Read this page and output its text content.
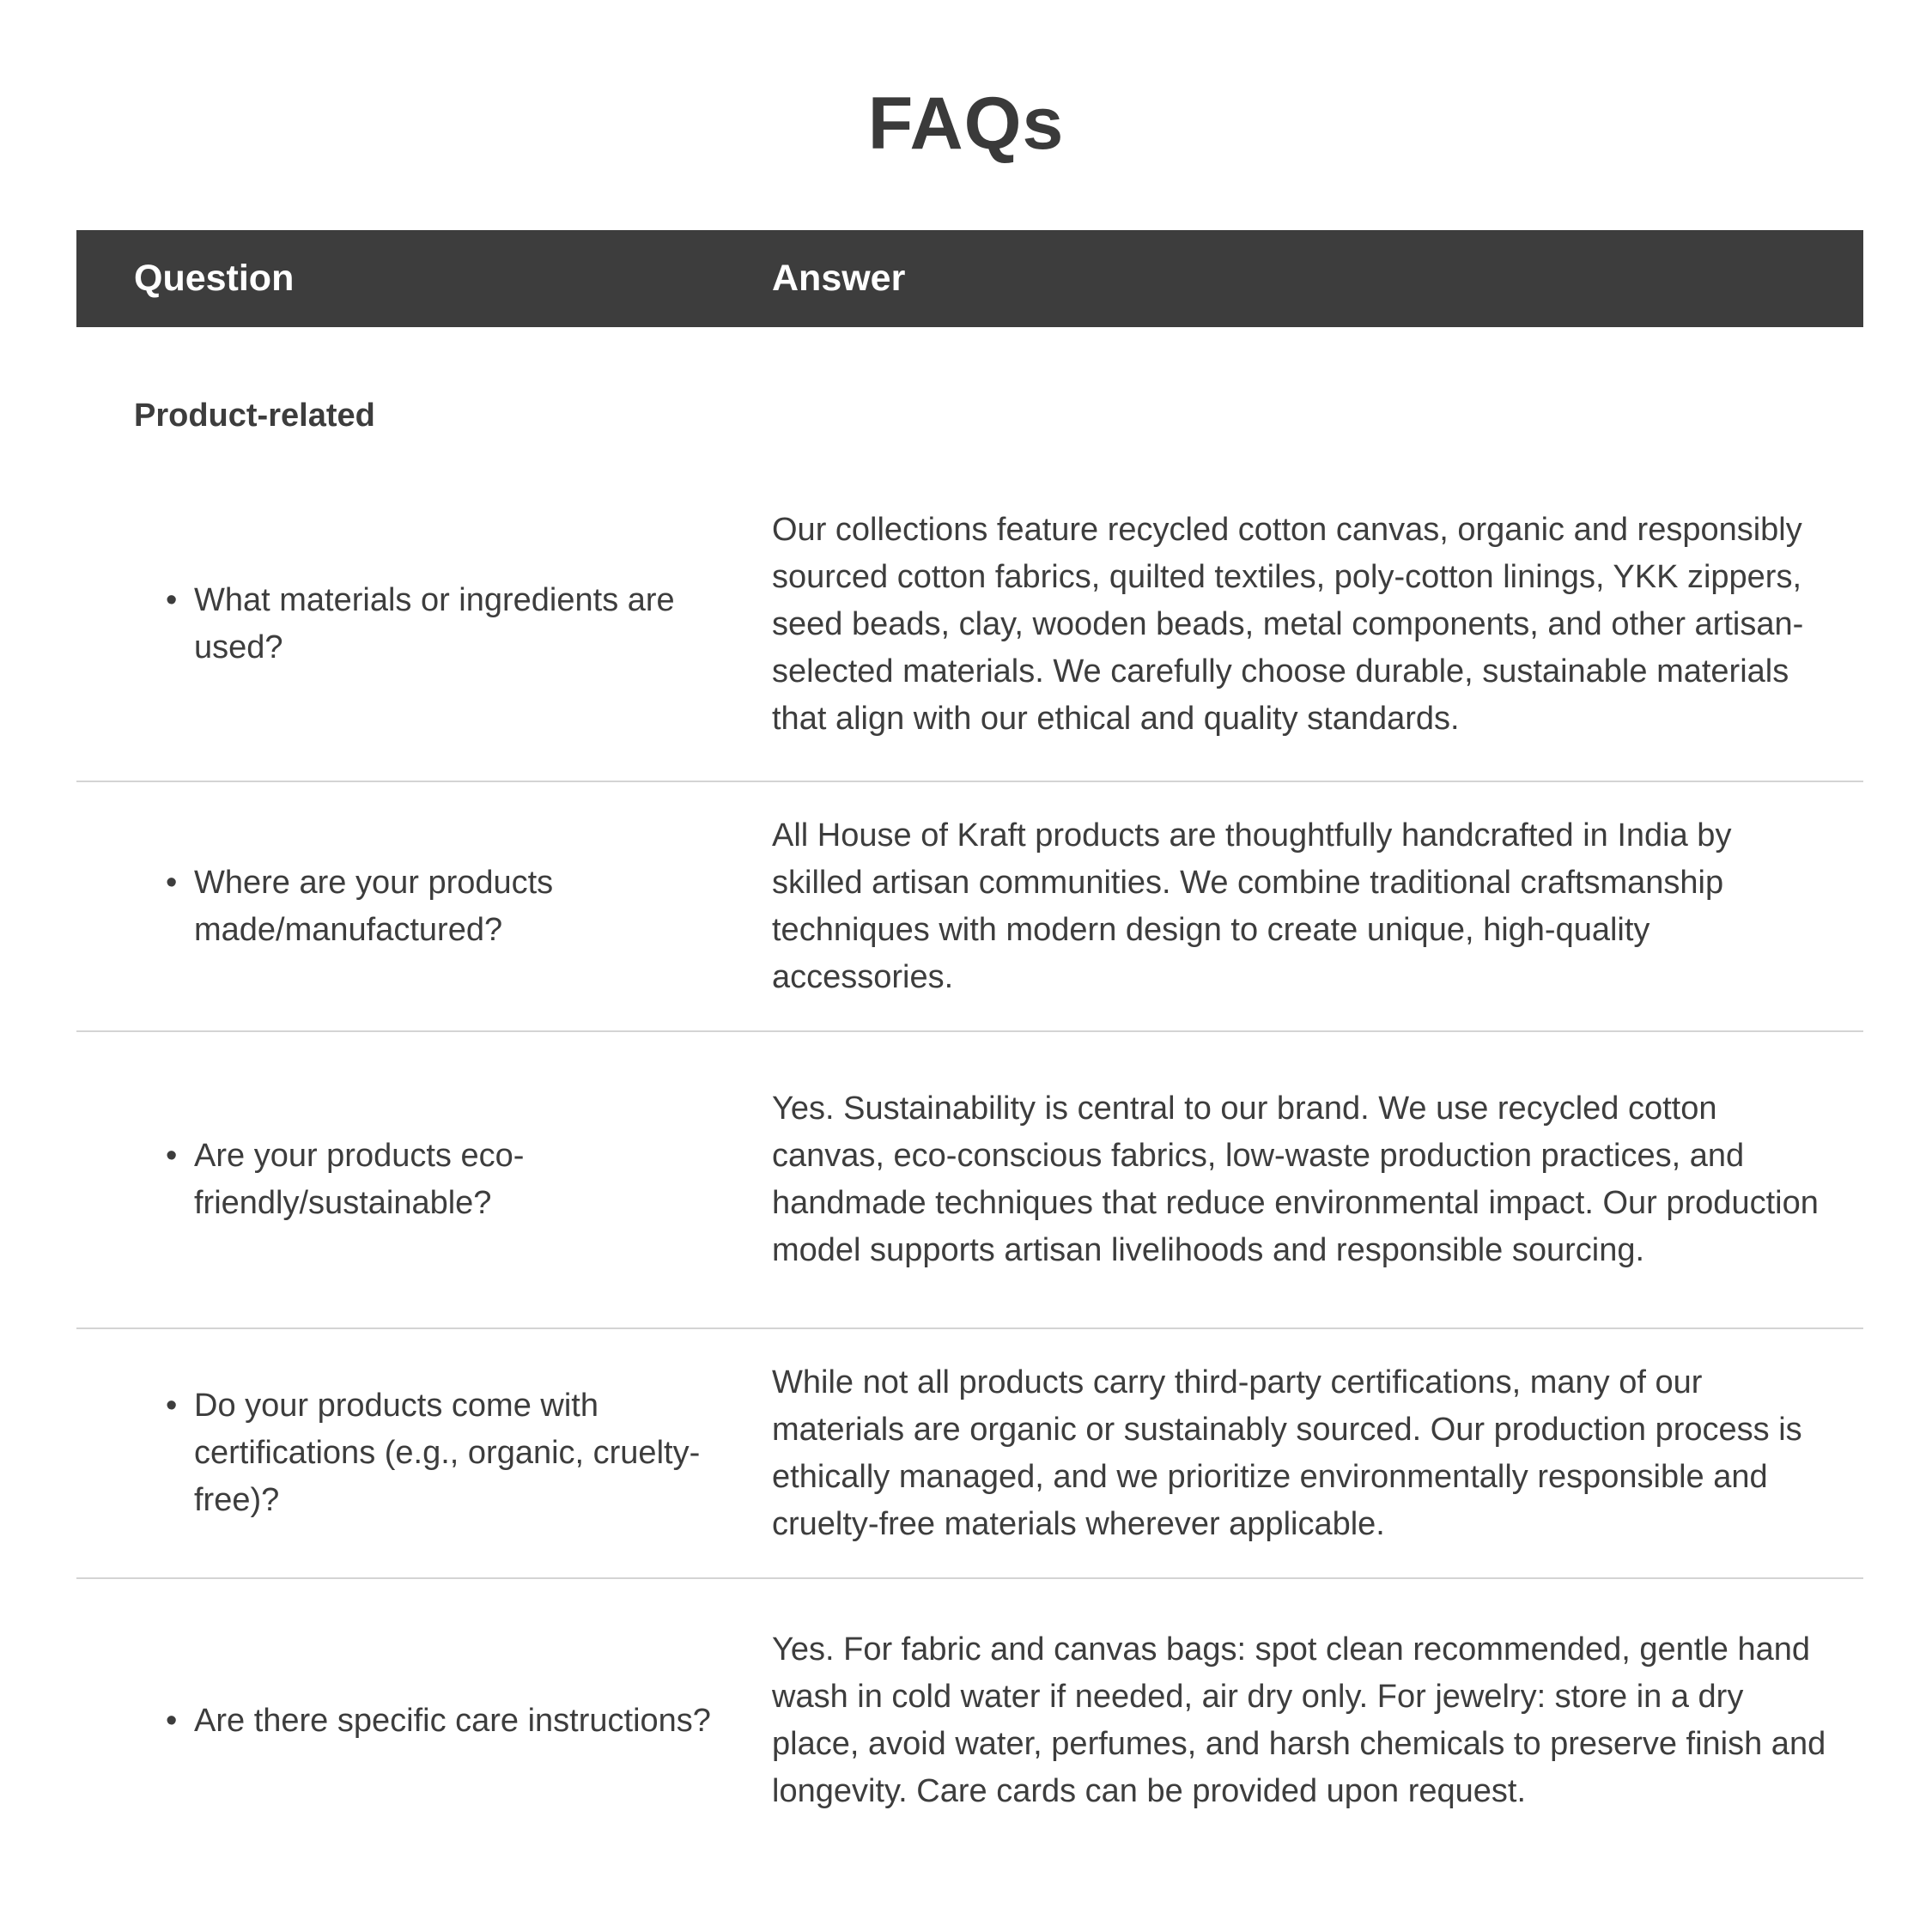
FAQs
Question	Answer
Product-related
• What materials or ingredients are used?
Our collections feature recycled cotton canvas, organic and responsibly sourced cotton fabrics, quilted textiles, poly-cotton linings, YKK zippers, seed beads, clay, wooden beads, metal components, and other artisan-selected materials. We carefully choose durable, sustainable materials that align with our ethical and quality standards.
• Where are your products made/manufactured?
All House of Kraft products are thoughtfully handcrafted in India by skilled artisan communities. We combine traditional craftsmanship techniques with modern design to create unique, high-quality accessories.
• Are your products eco-friendly/sustainable?
Yes. Sustainability is central to our brand. We use recycled cotton canvas, eco-conscious fabrics, low-waste production practices, and handmade techniques that reduce environmental impact. Our production model supports artisan livelihoods and responsible sourcing.
• Do your products come with certifications (e.g., organic, cruelty-free)?
While not all products carry third-party certifications, many of our materials are organic or sustainably sourced. Our production process is ethically managed, and we prioritize environmentally responsible and cruelty-free materials wherever applicable.
• Are there specific care instructions?
Yes. For fabric and canvas bags: spot clean recommended, gentle hand wash in cold water if needed, air dry only. For jewelry: store in a dry place, avoid water, perfumes, and harsh chemicals to preserve finish and longevity. Care cards can be provided upon request.
